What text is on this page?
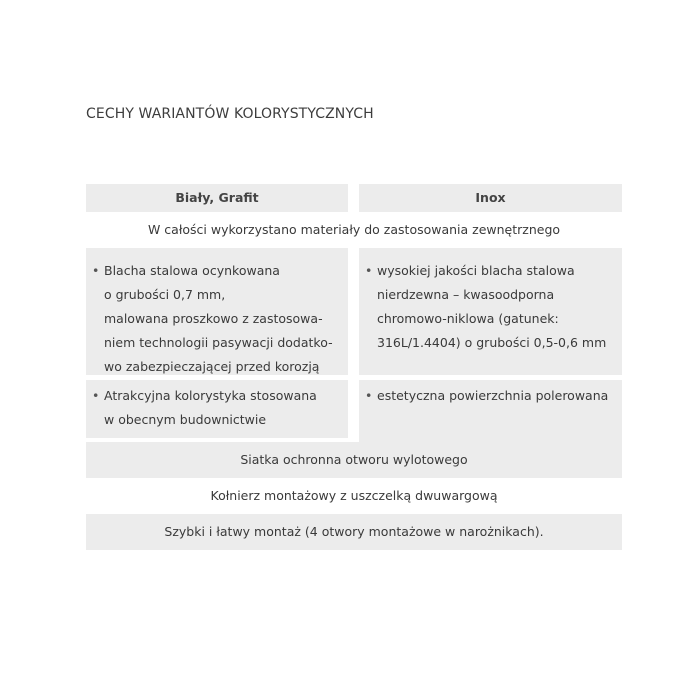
CECHY WARIANTÓW KOLORYSTYCZNYCH
Biały, Grafit	Inox
W całości wykorzystano materiały do zastosowania zewnętrznego
• Blacha stalowa ocynkowana
o grubości 0,7 mm,
malowana proszkowo z zastosowa-
niem technologii pasywacji dodatko-
wo zabezpieczającej przed korozją
• wysokiej jakości blacha stalowa
nierdzewna – kwasoodporna
chromowo-niklowa (gatunek:
316L/1.4404) o grubości 0,5-0,6 mm
• Atrakcyjna kolorystyka stosowana
w obecnym budownictwie
• estetyczna powierzchnia polerowana
Siatka ochronna otworu wylotowego
Kołnierz montażowy z uszczelką dwuwargową
Szybki i łatwy montaż (4 otwory montażowe w narożnikach).
